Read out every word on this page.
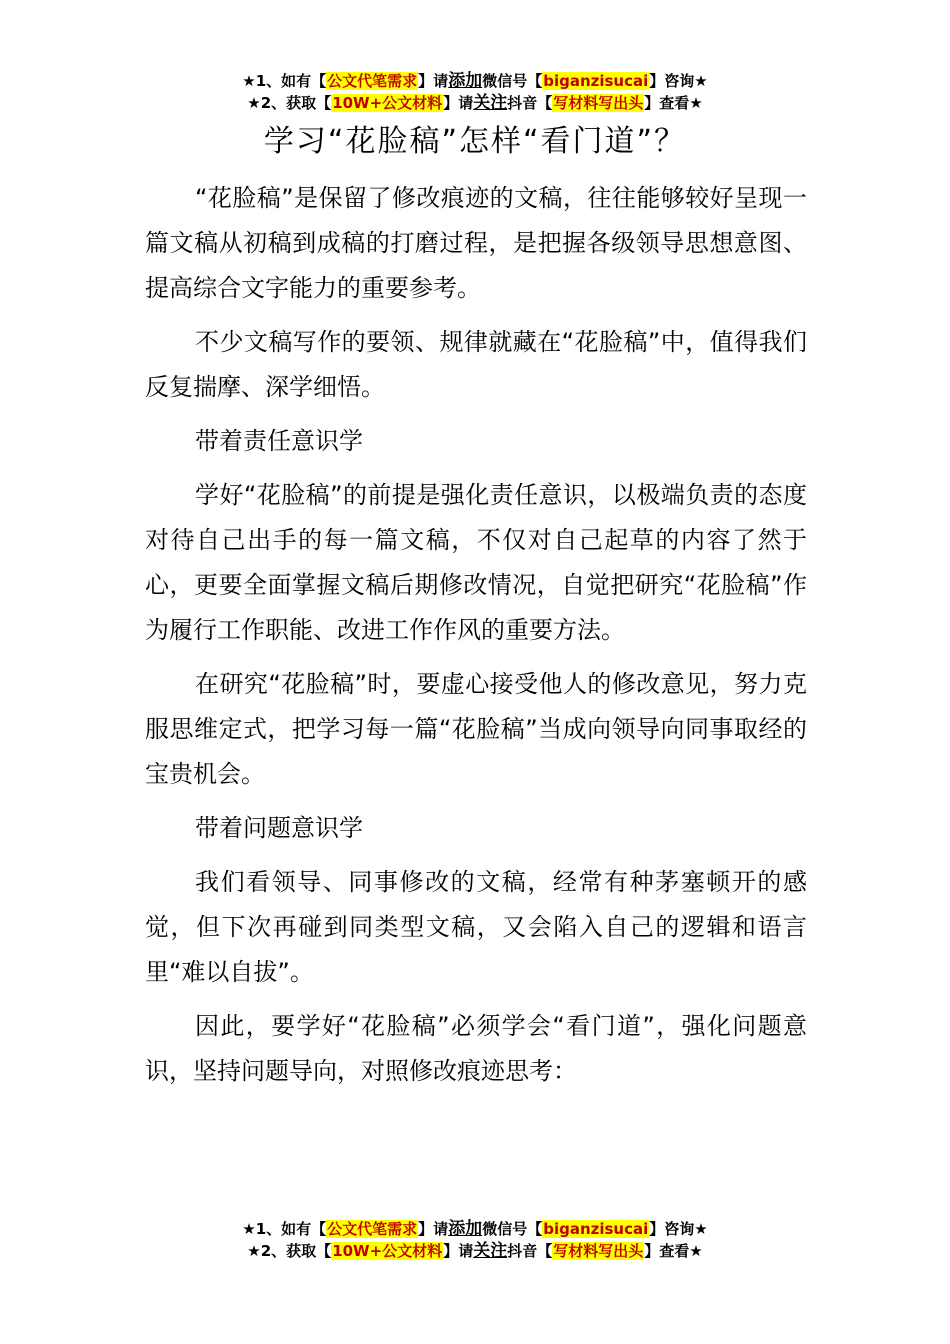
★1、如有【公文代笔需求】请添加微信号【biganzisucai】咨询★
★2、获取【10W+公文材料】请关注抖音【写材料写出头】查看★
学习“花脸稿”怎样“看门道”？

“花脸稿”是保留了修改痕迹的文稿，往往能够较好呈现一篇文稿从初稿到成稿的打磨过程，是把握各级领导思想意图、提高综合文字能力的重要参考。

不少文稿写作的要领、规律就藏在“花脸稿”中，值得我们反复揣摩、深学细悟。

带着责任意识学

学好“花脸稿”的前提是强化责任意识，以极端负责的态度对待自己出手的每一篇文稿，不仅对自己起草的内容了然于心，更要全面掌握文稿后期修改情况，自觉把研究“花脸稿”作为履行工作职能、改进工作作风的重要方法。

在研究“花脸稿”时，要虚心接受他人的修改意见，努力克服思维定式，把学习每一篇“花脸稿”当成向领导向同事取经的宝贵机会。

带着问题意识学

我们看领导、同事修改的文稿，经常有种茅塞顿开的感觉，但下次再碰到同类型文稿，又会陷入自己的逻辑和语言里“难以自拔”。

因此，要学好“花脸稿”必须学会“看门道”，强化问题意识，坚持问题导向，对照修改痕迹思考：

★1、如有【公文代笔需求】请添加微信号【biganzisucai】咨询★
★2、获取【10W+公文材料】请关注抖音【写材料写出头】查看★
